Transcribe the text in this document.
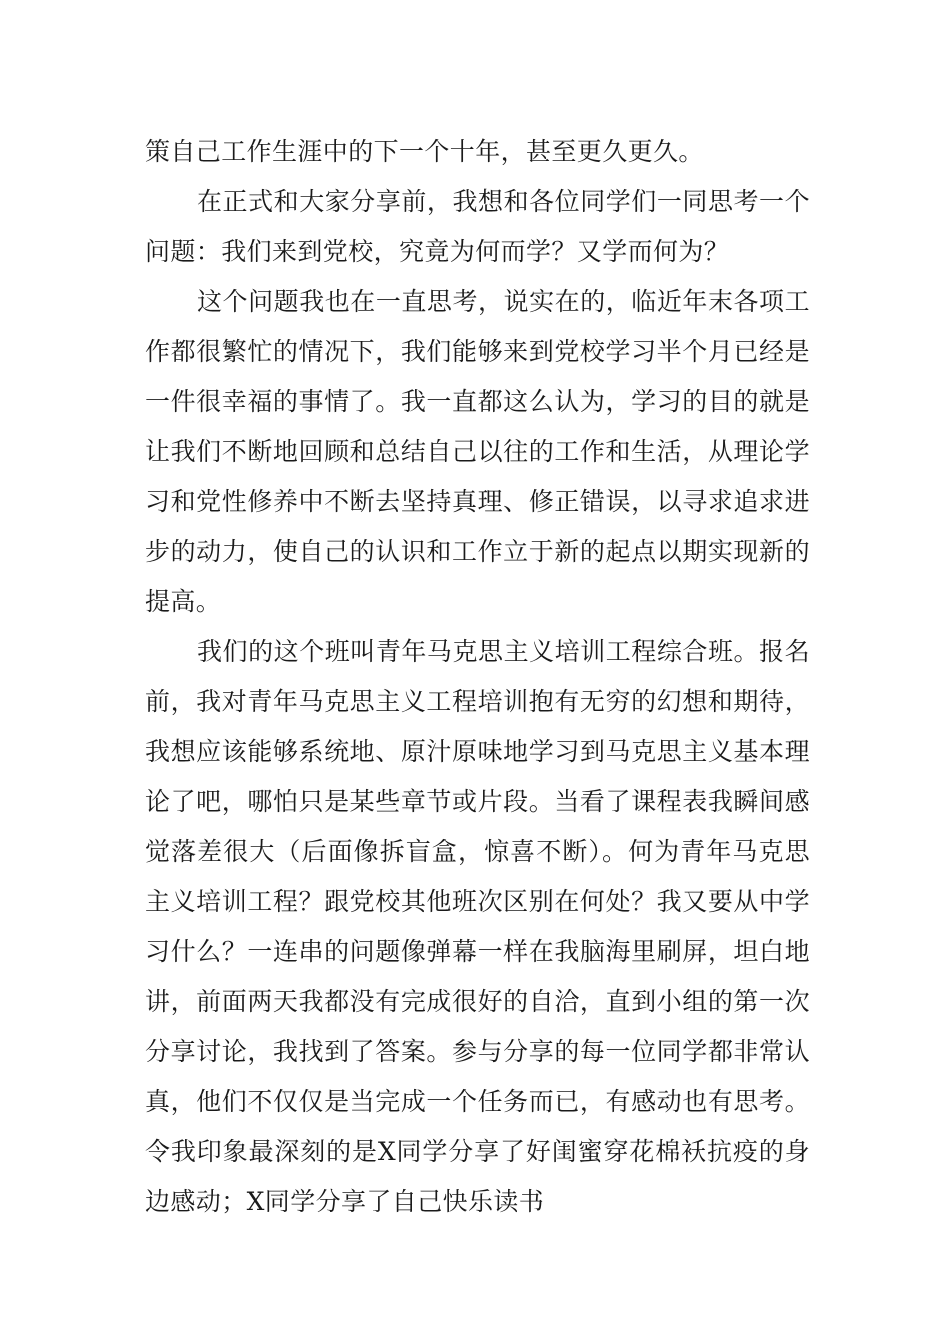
策自己工作生涯中的下一个十年，甚至更久更久。

在正式和大家分享前，我想和各位同学们一同思考一个问题：我们来到党校，究竟为何而学？又学而何为？

这个问题我也在一直思考，说实在的，临近年末各项工作都很繁忙的情况下，我们能够来到党校学习半个月已经是一件很幸福的事情了。我一直都这么认为，学习的目的就是让我们不断地回顾和总结自己以往的工作和生活，从理论学习和党性修养中不断去坚持真理、修正错误，以寻求追求进步的动力，使自己的认识和工作立于新的起点以期实现新的提高。

我们的这个班叫青年马克思主义培训工程综合班。报名前，我对青年马克思主义工程培训抱有无穷的幻想和期待，我想应该能够系统地、原汁原味地学习到马克思主义基本理论了吧，哪怕只是某些章节或片段。当看了课程表我瞬间感觉落差很大（后面像拆盲盒，惊喜不断）。何为青年马克思主义培训工程？跟党校其他班次区别在何处？我又要从中学习什么？一连串的问题像弹幕一样在我脑海里刷屏，坦白地讲，前面两天我都没有完成很好的自洽，直到小组的第一次分享讨论，我找到了答案。参与分享的每一位同学都非常认真，他们不仅仅是当完成一个任务而已，有感动也有思考。令我印象最深刻的是X同学分享了好闺蜜穿花棉袄抗疫的身边感动；X同学分享了自己快乐读书
